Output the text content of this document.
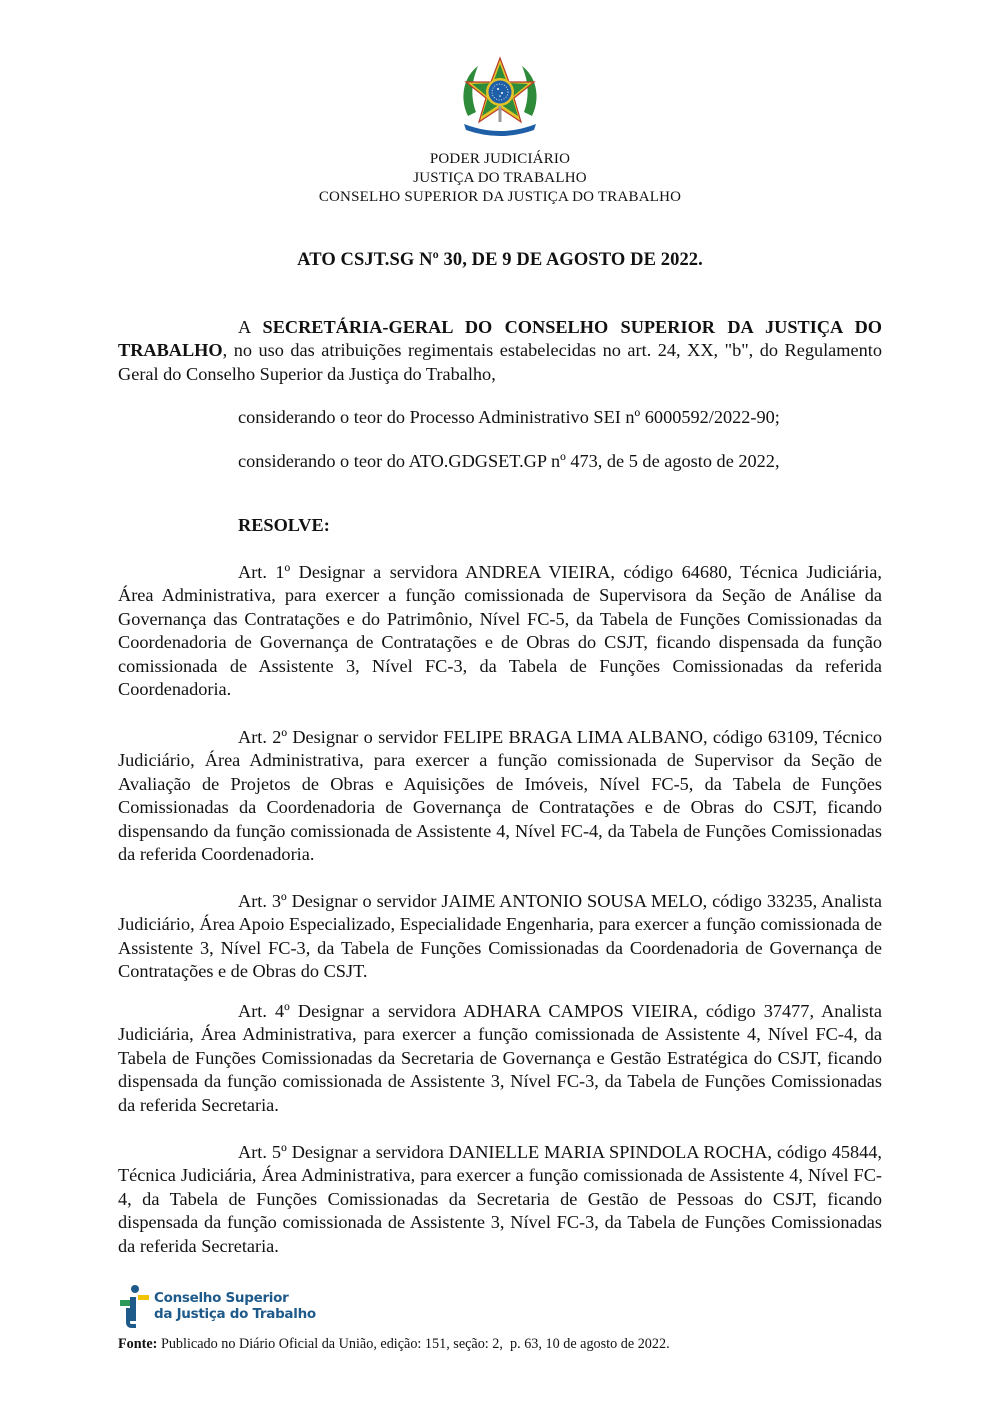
PODER JUDICIÁRIO
JUSTIÇA DO TRABALHO
CONSELHO SUPERIOR DA JUSTIÇA DO TRABALHO
ATO CSJT.SG Nº 30, DE 9 DE AGOSTO DE 2022.

A SECRETÁRIA-GERAL DO CONSELHO SUPERIOR DA JUSTIÇA DO TRABALHO, no uso das atribuições regimentais estabelecidas no art. 24, XX, "b", do Regulamento Geral do Conselho Superior da Justiça do Trabalho,

considerando o teor do Processo Administrativo SEI nº 6000592/2022-90;

considerando o teor do ATO.GDGSET.GP nº 473, de 5 de agosto de 2022,

RESOLVE:

Art. 1º Designar a servidora ANDREA VIEIRA, código 64680, Técnica Judiciária, Área Administrativa, para exercer a função comissionada de Supervisora da Seção de Análise da Governança das Contratações e do Patrimônio, Nível FC-5, da Tabela de Funções Comissionadas da Coordenadoria de Governança de Contratações e de Obras do CSJT, ficando dispensada da função comissionada de Assistente 3, Nível FC-3, da Tabela de Funções Comissionadas da referida Coordenadoria.

Art. 2º Designar o servidor FELIPE BRAGA LIMA ALBANO, código 63109, Técnico Judiciário, Área Administrativa, para exercer a função comissionada de Supervisor da Seção de Avaliação de Projetos de Obras e Aquisições de Imóveis, Nível FC-5, da Tabela de Funções Comissionadas da Coordenadoria de Governança de Contratações e de Obras do CSJT, ficando dispensando da função comissionada de Assistente 4, Nível FC-4, da Tabela de Funções Comissionadas da referida Coordenadoria.

Art. 3º Designar o servidor JAIME ANTONIO SOUSA MELO, código 33235, Analista Judiciário, Área Apoio Especializado, Especialidade Engenharia, para exercer a função comissionada de Assistente 3, Nível FC-3, da Tabela de Funções Comissionadas da Coordenadoria de Governança de Contratações e de Obras do CSJT.

Art. 4º Designar a servidora ADHARA CAMPOS VIEIRA, código 37477, Analista Judiciária, Área Administrativa, para exercer a função comissionada de Assistente 4, Nível FC-4, da Tabela de Funções Comissionadas da Secretaria de Governança e Gestão Estratégica do CSJT, ficando dispensada da função comissionada de Assistente 3, Nível FC-3, da Tabela de Funções Comissionadas da referida Secretaria.

Art. 5º Designar a servidora DANIELLE MARIA SPINDOLA ROCHA, código 45844, Técnica Judiciária, Área Administrativa, para exercer a função comissionada de Assistente 4, Nível FC-4, da Tabela de Funções Comissionadas da Secretaria de Gestão de Pessoas do CSJT, ficando dispensada da função comissionada de Assistente 3, Nível FC-3, da Tabela de Funções Comissionadas da referida Secretaria.

Conselho Superior
da Justiça do Trabalho
Fonte: Publicado no Diário Oficial da União, edição: 151, seção: 2,  p. 63, 10 de agosto de 2022.
